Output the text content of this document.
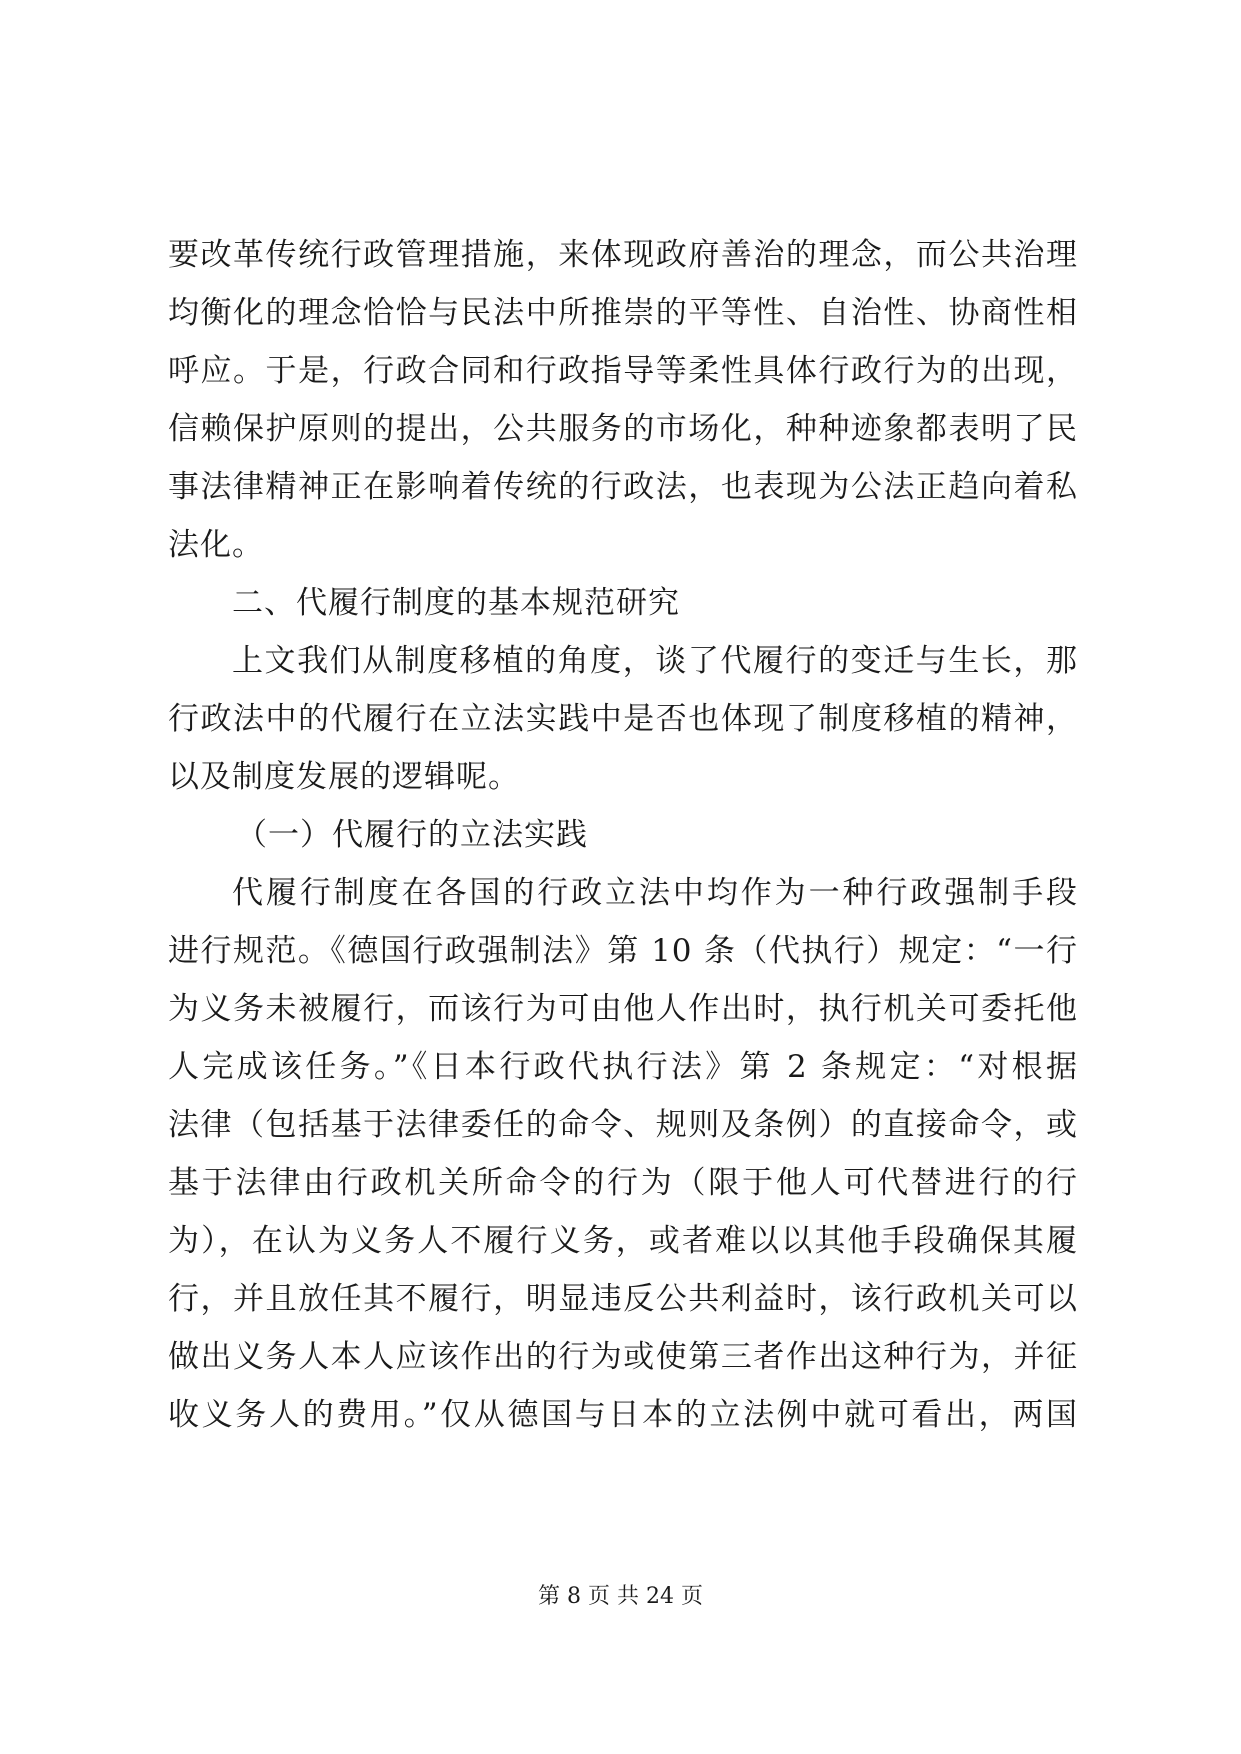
要改革传统行政管理措施，来体现政府善治的理念，而公共治理
均衡化的理念恰恰与民法中所推崇的平等性、自治性、协商性相
呼应。于是，行政合同和行政指导等柔性具体行政行为的出现，
信赖保护原则的提出，公共服务的市场化，种种迹象都表明了民
事法律精神正在影响着传统的行政法，也表现为公法正趋向着私
法化。
二、代履行制度的基本规范研究
上文我们从制度移植的角度，谈了代履行的变迁与生长，那
行政法中的代履行在立法实践中是否也体现了制度移植的精神，
以及制度发展的逻辑呢。
（一）代履行的立法实践
代履行制度在各国的行政立法中均作为一种行政强制手段
进行规范。《德国行政强制法》第 10 条（代执行）规定：“一行
为义务未被履行，而该行为可由他人作出时，执行机关可委托他
人完成该任务。”《日本行政代执行法》第 2 条规定：“对根据
法律（包括基于法律委任的命令、规则及条例）的直接命令，或
基于法律由行政机关所命令的行为（限于他人可代替进行的行
为），在认为义务人不履行义务，或者难以以其他手段确保其履
行，并且放任其不履行，明显违反公共利益时，该行政机关可以
做出义务人本人应该作出的行为或使第三者作出这种行为，并征
收义务人的费用。”仅从德国与日本的立法例中就可看出，两国
第 8 页 共 24 页
